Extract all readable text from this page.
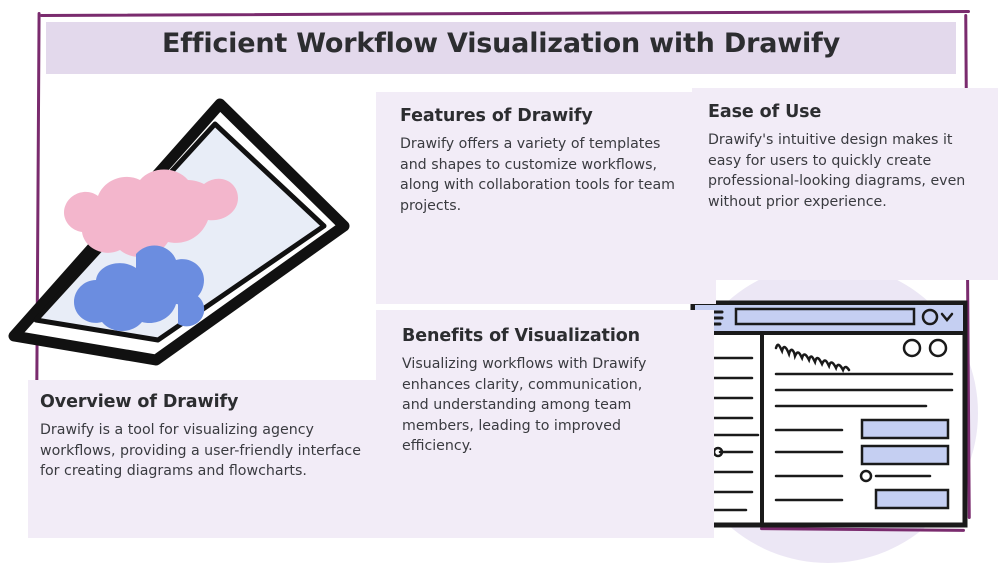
Efficient Workflow Visualization with Drawify
Features of Drawify

Drawify offers a variety of templates and shapes to customize workflows, along with collaboration tools for team projects.

Ease of Use

Drawify's intuitive design makes it easy for users to quickly create professional-looking diagrams, even without prior experience.

Benefits of Visualization

Visualizing workflows with Drawify enhances clarity, communication, and understanding among team members, leading to improved efficiency.

Overview of Drawify

Drawify is a tool for visualizing agency workflows, providing a user-friendly interface for creating diagrams and flowcharts.
